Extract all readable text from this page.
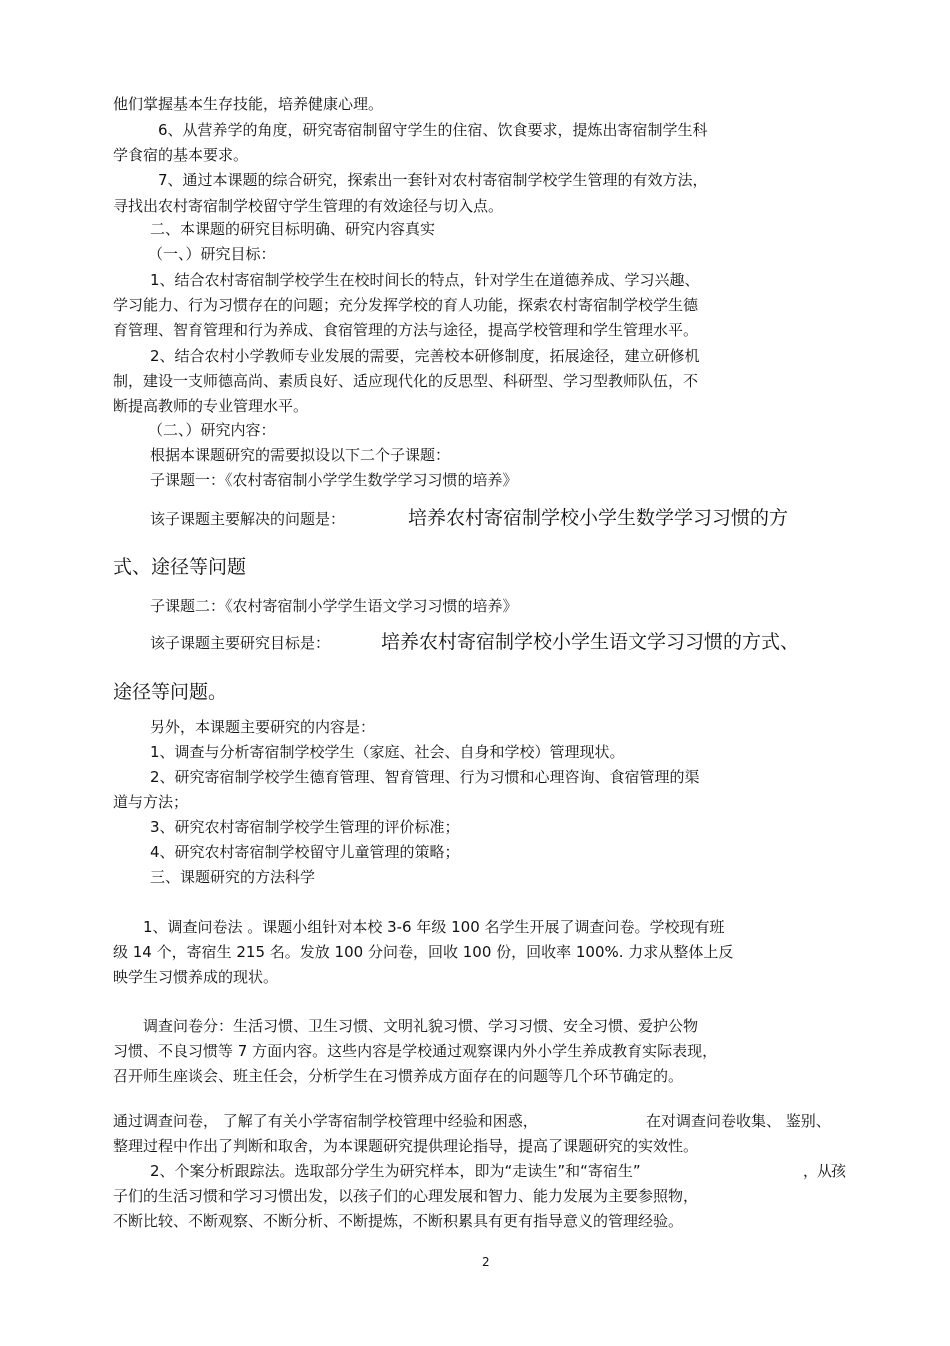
他们掌握基本生存技能，培养健康心理。
6、从营养学的角度，研究寄宿制留守学生的住宿、饮食要求，提炼出寄宿制学生科
学食宿的基本要求。
7、通过本课题的综合研究，探索出一套针对农村寄宿制学校学生管理的有效方法，
寻找出农村寄宿制学校留守学生管理的有效途径与切入点。
二、本课题的研究目标明确、研究内容真实
（一、）研究目标：
1、结合农村寄宿制学校学生在校时间长的特点，针对学生在道德养成、学习兴趣、
学习能力、行为习惯存在的问题；充分发挥学校的育人功能，探索农村寄宿制学校学生德
育管理、智育管理和行为养成、食宿管理的方法与途径，提高学校管理和学生管理水平。
2、结合农村小学教师专业发展的需要，完善校本研修制度，拓展途径，建立研修机
制，建设一支师德高尚、素质良好、适应现代化的反思型、科研型、学习型教师队伍，不
断提高教师的专业管理水平。
（二、）研究内容：
根据本课题研究的需要拟设以下二个子课题：
子课题一：《农村寄宿制小学学生数学学习习惯的培养》
该子课题主要解决的问题是：	培养农村寄宿制学校小学生数学学习习惯的方
式、途径等问题
子课题二：《农村寄宿制小学学生语文学习习惯的培养》
该子课题主要研究目标是：	培养农村寄宿制学校小学生语文学习习惯的方式、
途径等问题。
另外，本课题主要研究的内容是：
1、调查与分析寄宿制学校学生（家庭、社会、自身和学校）管理现状。
2、研究寄宿制学校学生德育管理、智育管理、行为习惯和心理咨询、食宿管理的渠
道与方法；
3、研究农村寄宿制学校学生管理的评价标准；
4、研究农村寄宿制学校留守儿童管理的策略；
三、课题研究的方法科学
1、调查问卷法 。课题小组针对本校 3-6 年级 100 名学生开展了调查问卷。学校现有班
级 14 个，寄宿生 215 名。发放 100 分问卷，回收 100 份，回收率 100%. 力求从整体上反
映学生习惯养成的现状。
调查问卷分：生活习惯、卫生习惯、文明礼貌习惯、学习习惯、安全习惯、爱护公物
习惯、不良习惯等 7 方面内容。这些内容是学校通过观察课内外小学生养成教育实际表现，
召开师生座谈会、班主任会，分析学生在习惯养成方面存在的问题等几个环节确定的。
通过调查问卷， 了解了有关小学寄宿制学校管理中经验和困惑，	在对调查问卷收集、 鉴别、
整理过程中作出了判断和取舍，为本课题研究提供理论指导，提高了课题研究的实效性。
2、个案分析跟踪法。选取部分学生为研究样本，即为“走读生”和“寄宿生”	，从孩
子们的生活习惯和学习习惯出发，以孩子们的心理发展和智力、能力发展为主要参照物，
不断比较、不断观察、不断分析、不断提炼，不断积累具有更有指导意义的管理经验。
2
